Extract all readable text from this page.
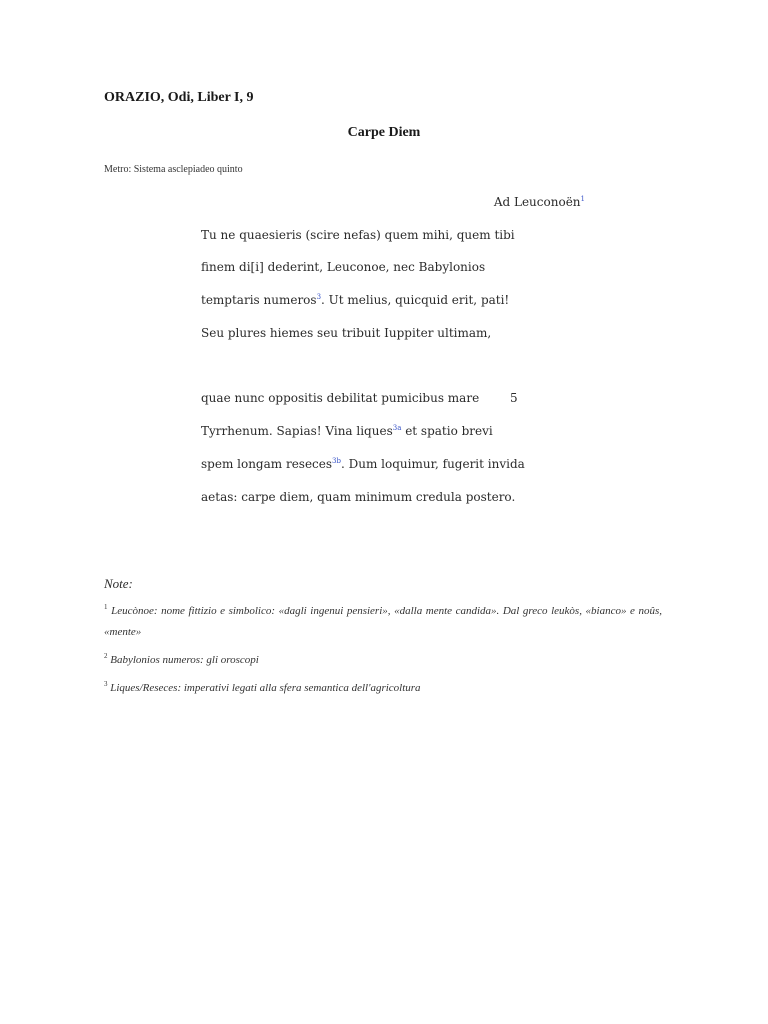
ORAZIO, Odi, Liber I, 9
Carpe Diem
Metro: Sistema asclepiadeo quinto
Ad Leuconoën$^1$
Tu ne quaesieris (scire nefas) quem mihi, quem tibi
finem di[i] dederint, Leuconoe, nec Babylonios
temptaris numeros$^3$. Ut melius, quicquid erit, pati!
Seu plures hiemes seu tribuit Iuppiter ultimam,
quae nunc oppositis debilitat pumicibus mare	5
Tyrrhenum. Sapias! Vina liques$^{3a}$ et spatio brevi
spem longam reseces$^{3b}$. Dum loquimur, fugerit invida
aetas: carpe diem, quam minimum credula postero.
Note:
$^1$ Leucònoe: nome fittizio e simbolico: «dagli ingenui pensieri», «dalla mente candida». Dal greco leukòs, «bianco» e noûs, «mente»
$^2$ Babylonios numeros: gli oroscopi
$^3$ Liques/Reseces: imperativi legati alla sfera semantica dell'agricoltura
